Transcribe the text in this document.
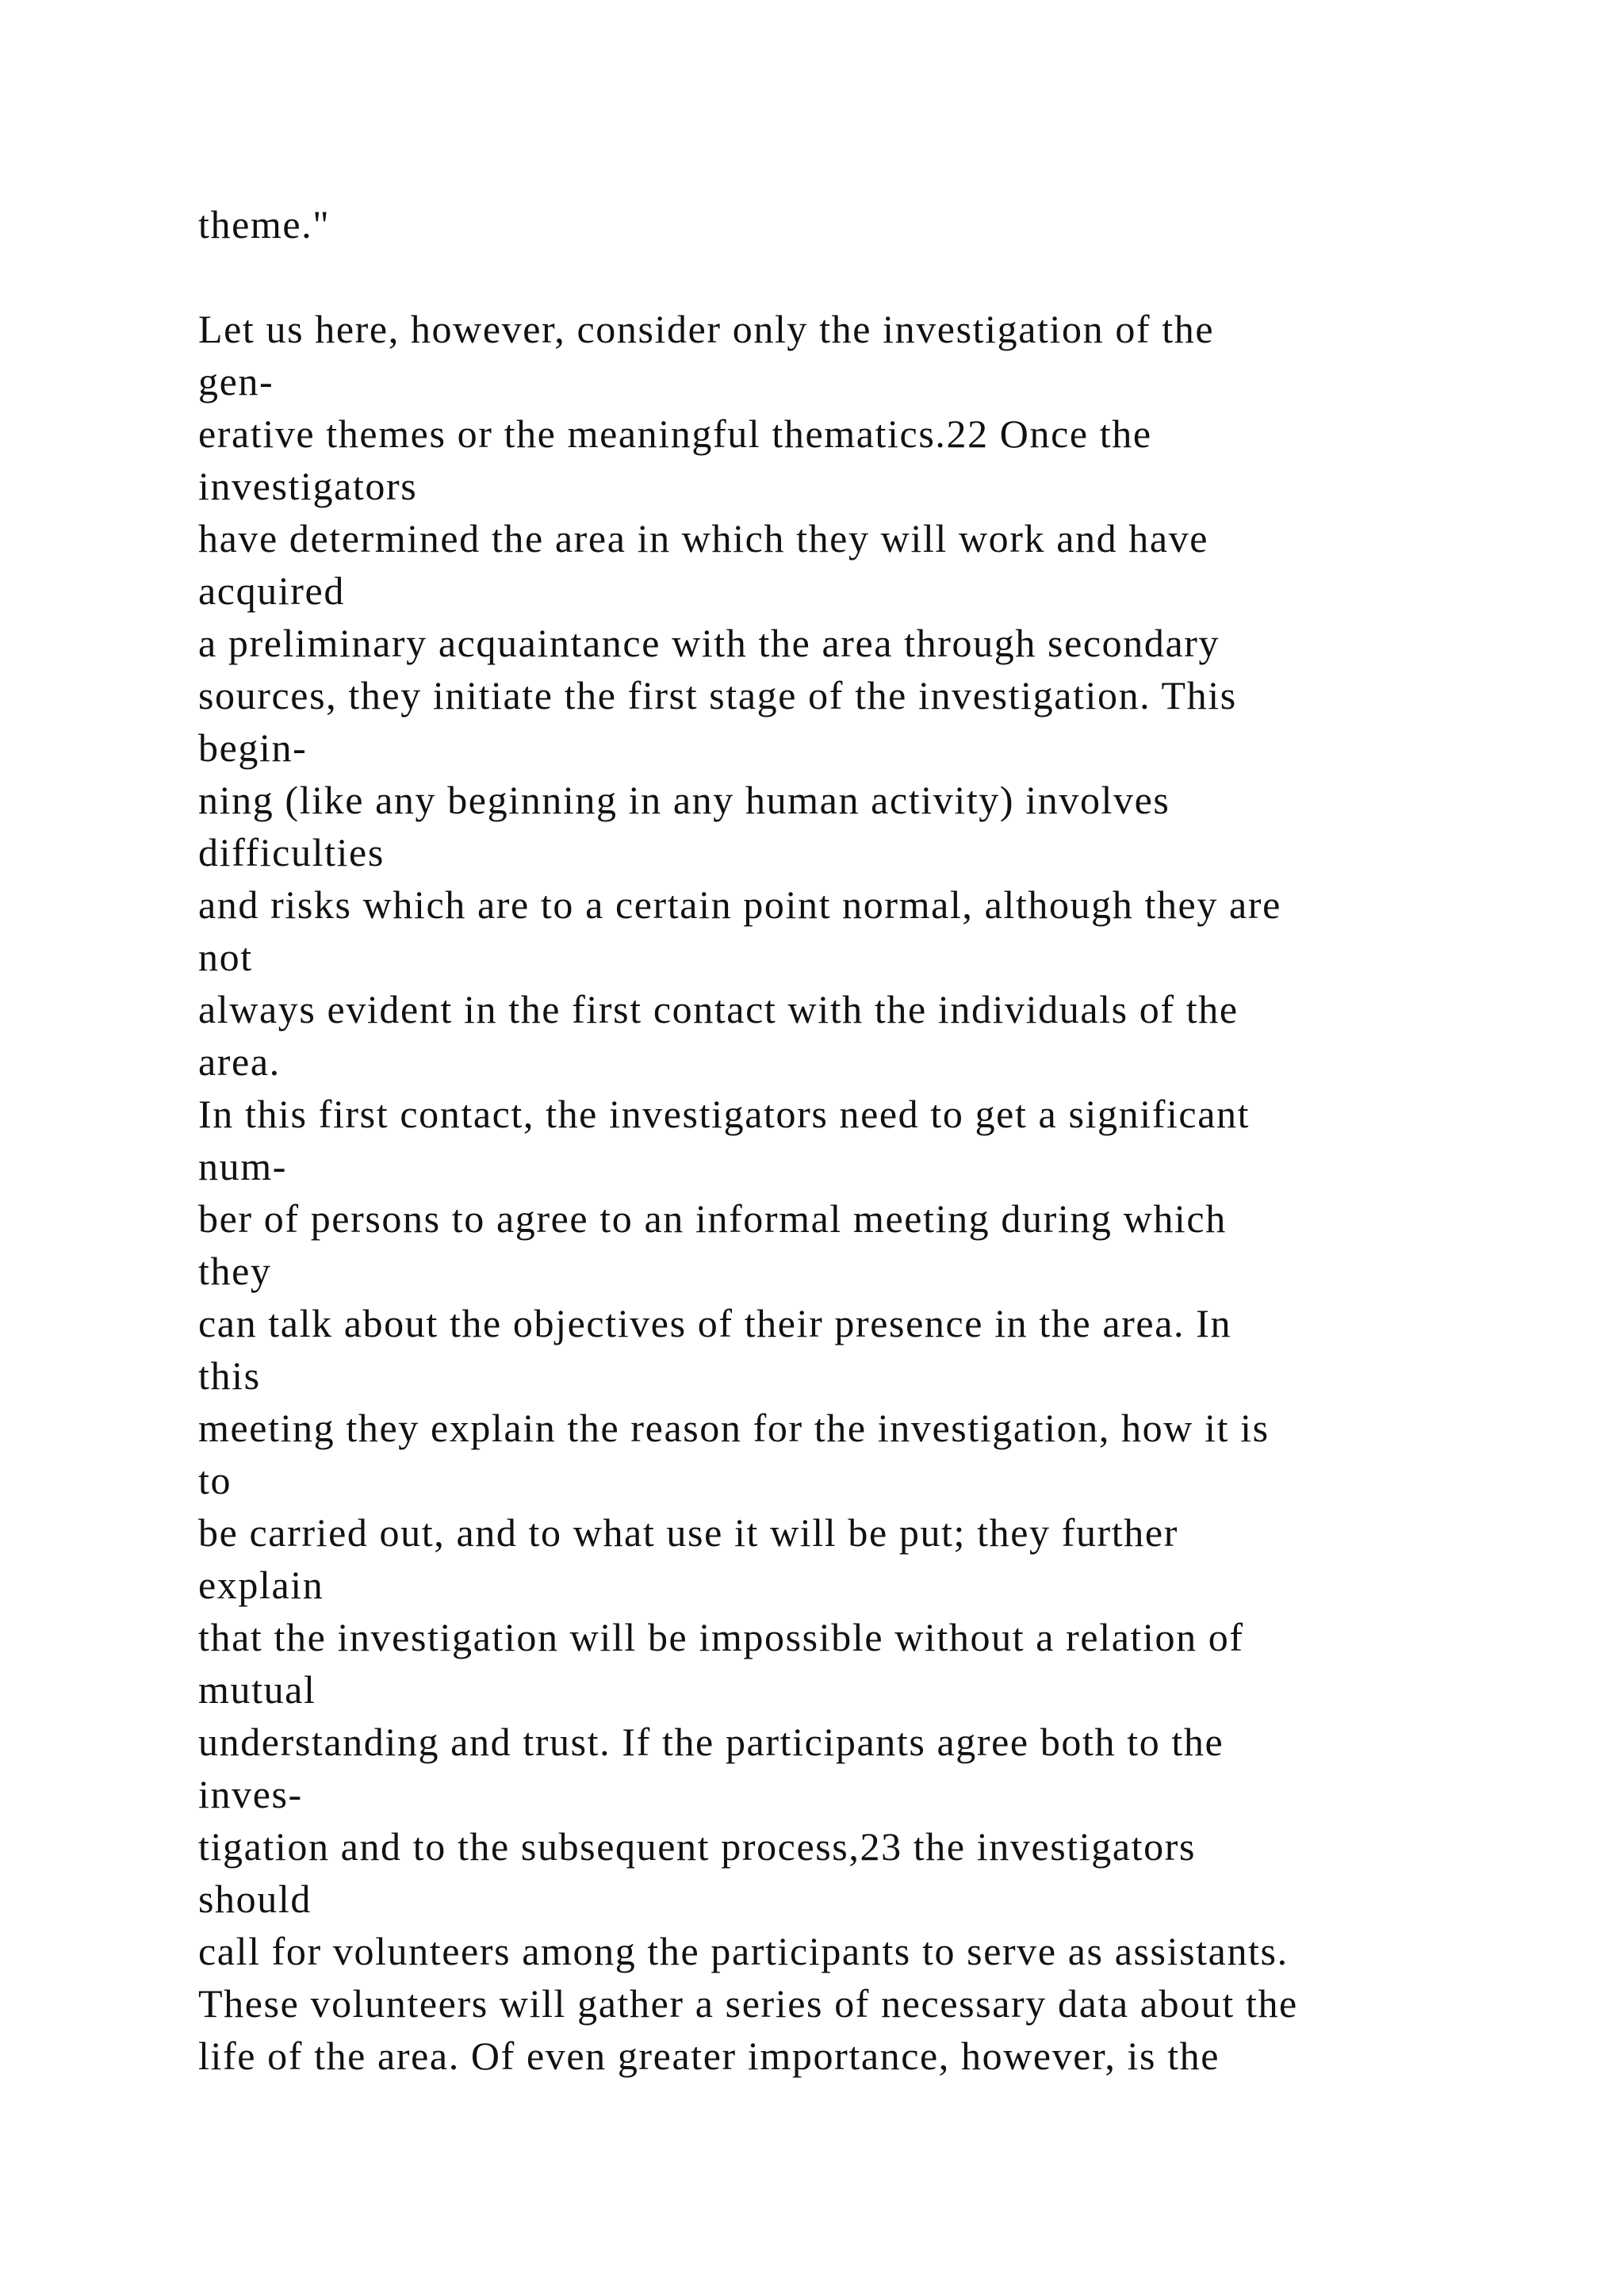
theme."
Let us here, however, consider only the investigation of the
gen-
erative themes or the meaningful thematics.22 Once the
investigators
have determined the area in which they will work and have
acquired
a preliminary acquaintance with the area through secondary
sources, they initiate the first stage of the investigation. This
begin-
ning (like any beginning in any human activity) involves
difficulties
and risks which are to a certain point normal, although they are
not
always evident in the first contact with the individuals of the
area.
In this first contact, the investigators need to get a significant
num-
ber of persons to agree to an informal meeting during which
they
can talk about the objectives of their presence in the area. In
this
meeting they explain the reason for the investigation, how it is
to
be carried out, and to what use it will be put; they further
explain
that the investigation will be impossible without a relation of
mutual
understanding and trust. If the participants agree both to the
inves-
tigation and to the subsequent process,23 the investigators
should
call for volunteers among the participants to serve as assistants.
These volunteers will gather a series of necessary data about the
life of the area. Of even greater importance, however, is the
